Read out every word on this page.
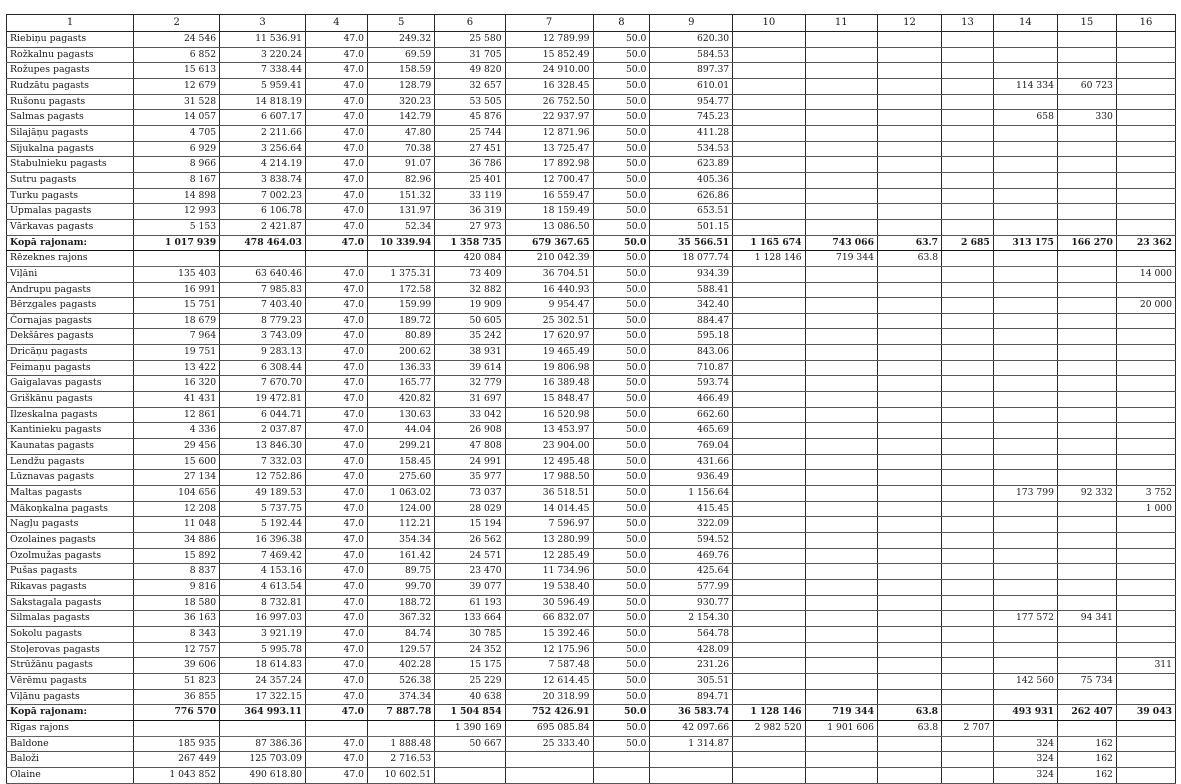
1	2	3	4	5	6	7	8	9	10	11	12	13	14	15	16
Riebiņu pagasts	24 546	11 536.91	47.0	249.32	25 580	12 789.99	50.0	620.30							
Rožkalnu pagasts	6 852	3 220.24	47.0	69.59	31 705	15 852.49	50.0	584.53							
Rožupes pagasts	15 613	7 338.44	47.0	158.59	49 820	24 910.00	50.0	897.37							
Rudzātu pagasts	12 679	5 959.41	47.0	128.79	32 657	16 328.45	50.0	610.01					114 334	60 723	
Rušonu pagasts	31 528	14 818.19	47.0	320.23	53 505	26 752.50	50.0	954.77							
Salmas pagasts	14 057	6 607.17	47.0	142.79	45 876	22 937.97	50.0	745.23					658	330	
Silajāņu pagasts	4 705	2 211.66	47.0	47.80	25 744	12 871.96	50.0	411.28							
Sījukalna pagasts	6 929	3 256.64	47.0	70.38	27 451	13 725.47	50.0	534.53							
Stabulnieku pagasts	8 966	4 214.19	47.0	91.07	36 786	17 892.98	50.0	623.89							
Sutru pagasts	8 167	3 838.74	47.0	82.96	25 401	12 700.47	50.0	405.36							
Turku pagasts	14 898	7 002.23	47.0	151.32	33 119	16 559.47	50.0	626.86							
Upmalas pagasts	12 993	6 106.78	47.0	131.97	36 319	18 159.49	50.0	653.51							
Vārkavas pagasts	5 153	2 421.87	47.0	52.34	27 973	13 086.50	50.0	501.15							
Kopā rajonam:	1 017 939	478 464.03	47.0	10 339.94	1 358 735	679 367.65	50.0	35 566.51	1 165 674	743 066	63.7	2 685	313 175	166 270	23 362
Rēzeknes rajons					420 084	210 042.39	50.0	18 077.74	1 128 146	719 344	63.8				
Viļāni	135 403	63 640.46	47.0	1 375.31	73 409	36 704.51	50.0	934.39							14 000
Andrupu pagasts	16 991	7 985.83	47.0	172.58	32 882	16 440.93	50.0	588.41							
Bērzgales pagasts	15 751	7 403.40	47.0	159.99	19 909	9 954.47	50.0	342.40							20 000
Čornajas pagasts	18 679	8 779.23	47.0	189.72	50 605	25 302.51	50.0	884.47							
Dekšāres pagasts	7 964	3 743.09	47.0	80.89	35 242	17 620.97	50.0	595.18							
Dricāņu pagasts	19 751	9 283.13	47.0	200.62	38 931	19 465.49	50.0	843.06							
Feimaņu pagasts	13 422	6 308.44	47.0	136.33	39 614	19 806.98	50.0	710.87							
Gaigalavas pagasts	16 320	7 670.70	47.0	165.77	32 779	16 389.48	50.0	593.74							
Griškānu pagasts	41 431	19 472.81	47.0	420.82	31 697	15 848.47	50.0	466.49							
Ilzeskalna pagasts	12 861	6 044.71	47.0	130.63	33 042	16 520.98	50.0	662.60							
Kantinieku pagasts	4 336	2 037.87	47.0	44.04	26 908	13 453.97	50.0	465.69							
Kaunatas pagasts	29 456	13 846.30	47.0	299.21	47 808	23 904.00	50.0	769.04							
Lendžu pagasts	15 600	7 332.03	47.0	158.45	24 991	12 495.48	50.0	431.66							
Lūznavas pagasts	27 134	12 752.86	47.0	275.60	35 977	17 988.50	50.0	936.49							
Maltas pagasts	104 656	49 189.53	47.0	1 063.02	73 037	36 518.51	50.0	1 156.64					173 799	92 332	3 752
Mākoņkalna pagasts	12 208	5 737.75	47.0	124.00	28 029	14 014.45	50.0	415.45							1 000
Nagļu pagasts	11 048	5 192.44	47.0	112.21	15 194	7 596.97	50.0	322.09							
Ozolaines pagasts	34 886	16 396.38	47.0	354.34	26 562	13 280.99	50.0	594.52							
Ozolmužas pagasts	15 892	7 469.42	47.0	161.42	24 571	12 285.49	50.0	469.76							
Pušas pagasts	8 837	4 153.16	47.0	89.75	23 470	11 734.96	50.0	425.64							
Rikavas pagasts	9 816	4 613.54	47.0	99.70	39 077	19 538.40	50.0	577.99							
Sakstagala pagasts	18 580	8 732.81	47.0	188.72	61 193	30 596.49	50.0	930.77							
Silmalas pagasts	36 163	16 997.03	47.0	367.32	133 664	66 832.07	50.0	2 154.30					177 572	94 341	
Sokolu pagasts	8 343	3 921.19	47.0	84.74	30 785	15 392.46	50.0	564.78							
Stoļerovas pagasts	12 757	5 995.78	47.0	129.57	24 352	12 175.96	50.0	428.09							
Strūžānu pagasts	39 606	18 614.83	47.0	402.28	15 175	7 587.48	50.0	231.26							311
Vērēmu pagasts	51 823	24 357.24	47.0	526.38	25 229	12 614.45	50.0	305.51					142 560	75 734	
Viļānu pagasts	36 855	17 322.15	47.0	374.34	40 638	20 318.99	50.0	894.71							
Kopā rajonam:	776 570	364 993.11	47.0	7 887.78	1 504 854	752 426.91	50.0	36 583.74	1 128 146	719 344	63.8		493 931	262 407	39 043
Rīgas rajons					1 390 169	695 085.84	50.0	42 097.66	2 982 520	1 901 606	63.8	2 707			
Baldone	185 935	87 386.36	47.0	1 888.48	50 667	25 333.40	50.0	1 314.87					324	162	
Baloži	267 449	125 703.09	47.0	2 716.53									324	162	
Olaine	1 043 852	490 618.80	47.0	10 602.51									324	162	
